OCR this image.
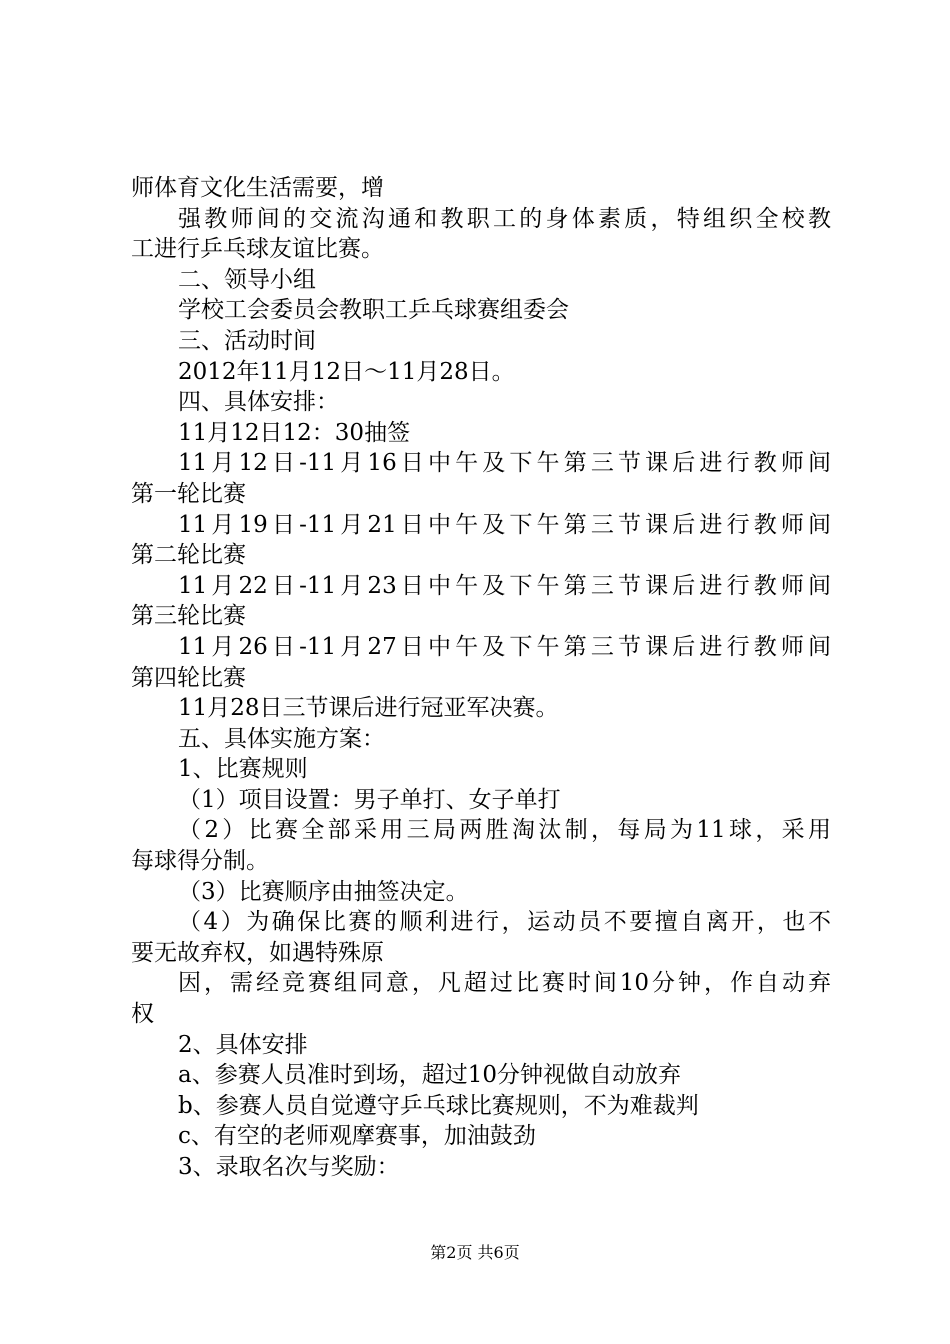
师体育文化生活需要，增
强教师间的交流沟通和教职工的身体素质，特组织全校教
工进行乒乓球友谊比赛。
二、领导小组
学校工会委员会教职工乒乓球赛组委会
三、活动时间
2012年11月12日～11月28日。
四、具体安排：
11月12日12：30抽签
11月12日-11月16日中午及下午第三节课后进行教师间
第一轮比赛
11月19日-11月21日中午及下午第三节课后进行教师间
第二轮比赛
11月22日-11月23日中午及下午第三节课后进行教师间
第三轮比赛
11月26日-11月27日中午及下午第三节课后进行教师间
第四轮比赛
11月28日三节课后进行冠亚军决赛。
五、具体实施方案：
1、比赛规则
（1）项目设置：男子单打、女子单打
（2）比赛全部采用三局两胜淘汰制，每局为11球，采用
每球得分制。
（3）比赛顺序由抽签决定。
（4）为确保比赛的顺利进行，运动员不要擅自离开，也不
要无故弃权，如遇特殊原
因，需经竞赛组同意，凡超过比赛时间10分钟，作自动弃
权
2、具体安排
a、参赛人员准时到场，超过10分钟视做自动放弃
b、参赛人员自觉遵守乒乓球比赛规则，不为难裁判
c、有空的老师观摩赛事，加油鼓劲
3、录取名次与奖励：
第2页 共6页
